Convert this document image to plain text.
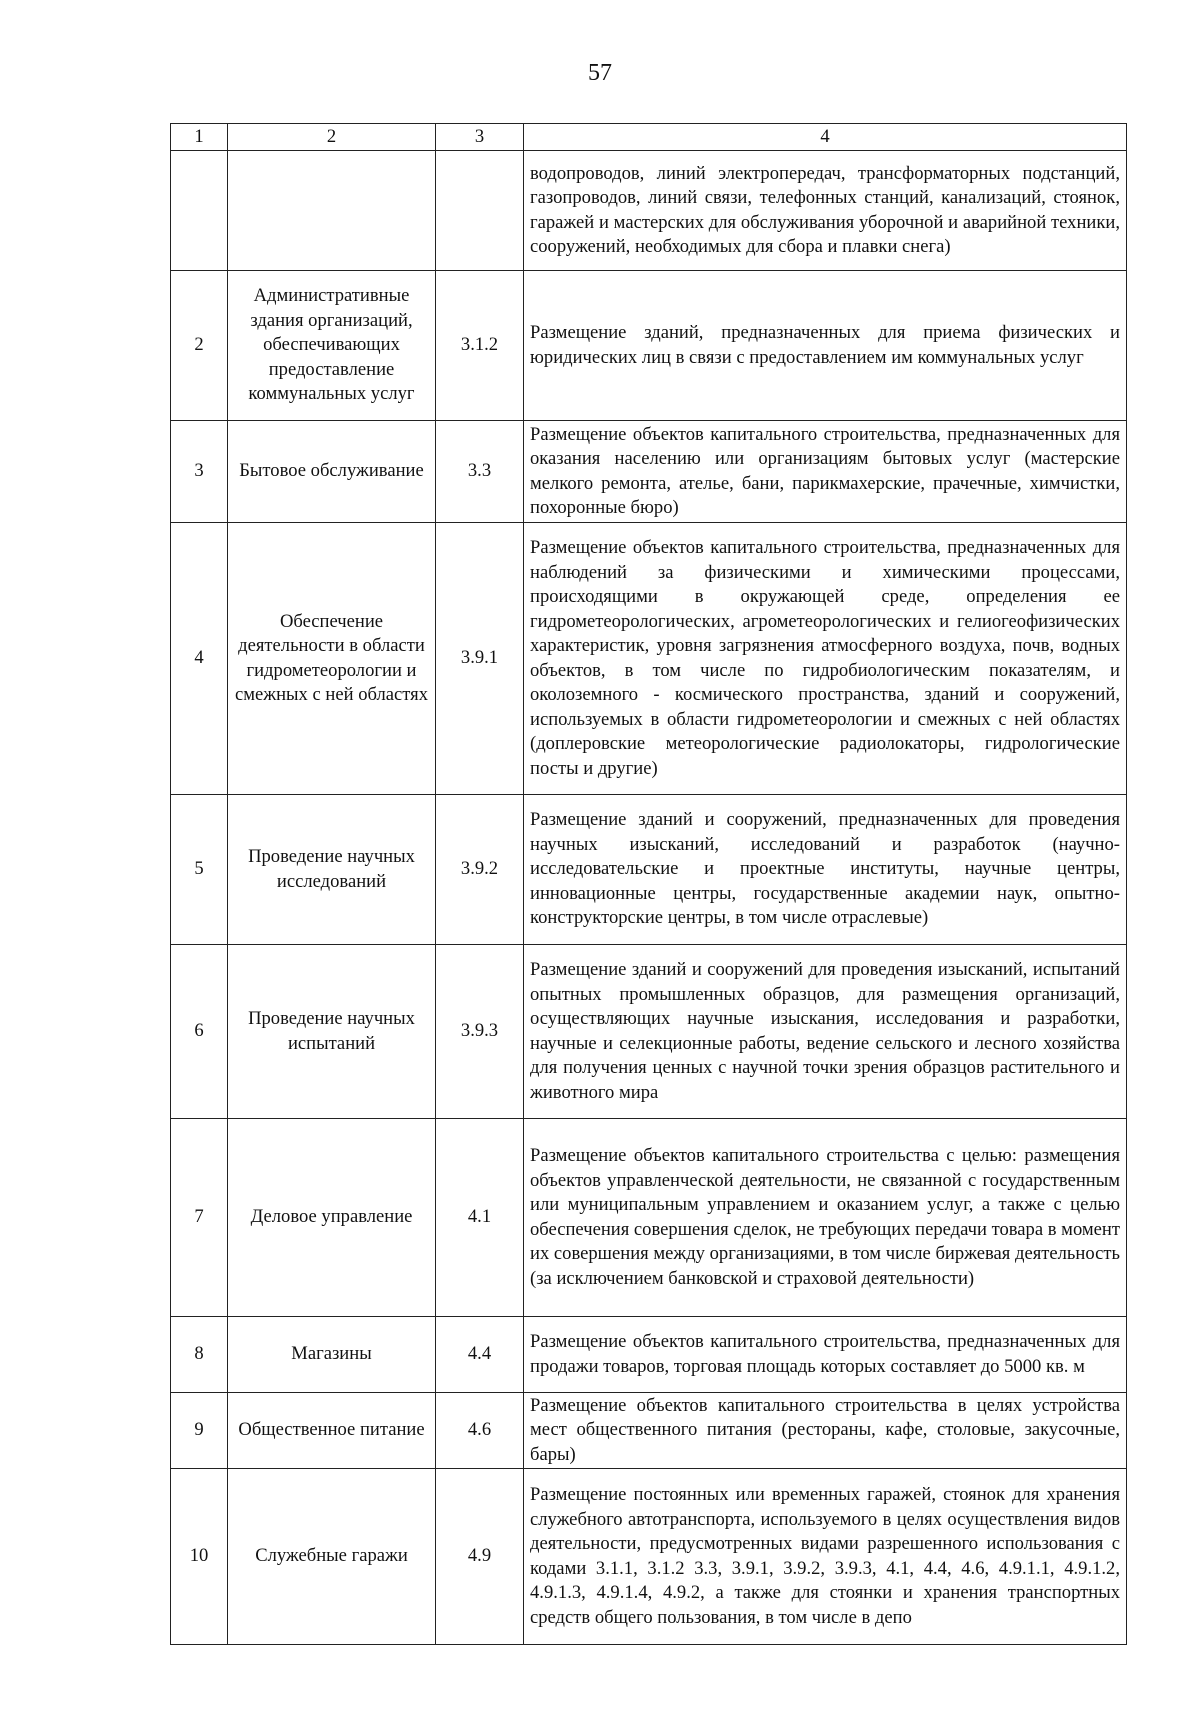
57
1	2	3	4
			водопроводов, линий электропередач, трансформаторных подстанций, газопроводов, линий связи, телефонных станций, канализаций, стоянок, гаражей и мастерских для обслуживания уборочной и аварийной техники, сооружений, необходимых для сбора и плавки снега)
2	Административные здания организаций, обеспечивающих предоставление коммунальных услуг	3.1.2	Размещение зданий, предназначенных для приема физических и юридических лиц в связи с предоставлением им коммунальных услуг
3	Бытовое обслуживание	3.3	Размещение объектов капитального строительства, предназначенных для оказания населению или организациям бытовых услуг (мастерские мелкого ремонта, ателье, бани, парикмахерские, прачечные, химчистки, похоронные бюро)
4	Обеспечение деятельности в области гидрометеорологии и смежных с ней областях	3.9.1	Размещение объектов капитального строительства, предназначенных для наблюдений за физическими и химическими процессами, происходящими в окружающей среде, определения ее гидрометеорологических, агрометеорологических и гелиогеофизических характеристик, уровня загрязнения атмосферного воздуха, почв, водных объектов, в том числе по гидробиологическим показателям, и околоземного - космического пространства, зданий и сооружений, используемых в области гидрометеорологии и смежных с ней областях (доплеровские метеорологические радиолокаторы, гидрологические посты и другие)
5	Проведение научных исследований	3.9.2	Размещение зданий и сооружений, предназначенных для проведения научных изысканий, исследований и разработок (научно-исследовательские и проектные институты, научные центры, инновационные центры, государственные академии наук, опытно-конструкторские центры, в том числе отраслевые)
6	Проведение научных испытаний	3.9.3	Размещение зданий и сооружений для проведения изысканий, испытаний опытных промышленных образцов, для размещения организаций, осуществляющих научные изыскания, исследования и разработки, научные и селекционные работы, ведение сельского и лесного хозяйства для получения ценных с научной точки зрения образцов растительного и животного мира
7	Деловое управление	4.1	Размещение объектов капитального строительства с целью: размещения объектов управленческой деятельности, не связанной с государственным или муниципальным управлением и оказанием услуг, а также с целью обеспечения совершения сделок, не требующих передачи товара в момент их совершения между организациями, в том числе биржевая деятельность (за исключением банковской и страховой деятельности)
8	Магазины	4.4	Размещение объектов капитального строительства, предназначенных для продажи товаров, торговая площадь которых составляет до 5000 кв. м
9	Общественное питание	4.6	Размещение объектов капитального строительства в целях устройства мест общественного питания (рестораны, кафе, столовые, закусочные, бары)
10	Служебные гаражи	4.9	Размещение постоянных или временных гаражей, стоянок для хранения служебного автотранспорта, используемого в целях осуществления видов деятельности, предусмотренных видами разрешенного использования с кодами 3.1.1, 3.1.2 3.3, 3.9.1, 3.9.2, 3.9.3, 4.1, 4.4, 4.6, 4.9.1.1, 4.9.1.2, 4.9.1.3, 4.9.1.4, 4.9.2, а также для стоянки и хранения транспортных средств общего пользования, в том числе в депо
